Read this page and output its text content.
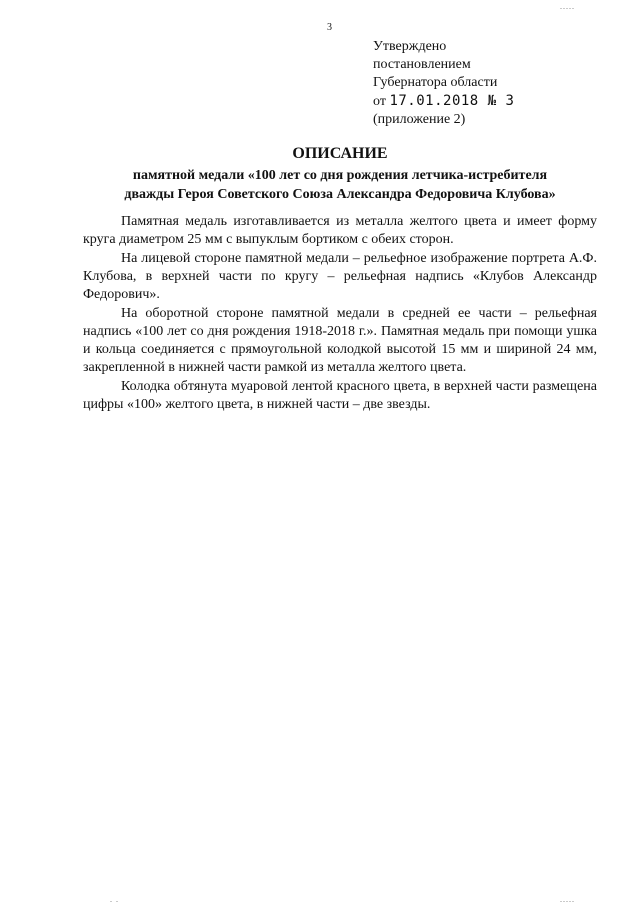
3
Утверждено
постановлением
Губернатора области
от 17.01.2018 № 3
(приложение 2)
ОПИСАНИЕ
памятной медали «100 лет со дня рождения летчика-истребителя
дважды Героя Советского Союза Александра Федоровича Клубова»

Памятная медаль изготавливается из металла желтого цвета и имеет форму круга диаметром 25 мм с выпуклым бортиком с обеих сторон.

На лицевой стороне памятной медали – рельефное изображение портрета А.Ф. Клубова, в верхней части по кругу – рельефная надпись «Клубов Александр Федорович».

На оборотной стороне памятной медали в средней ее части – рельефная надпись «100 лет со дня рождения 1918-2018 г.». Памятная медаль при помощи ушка и кольца соединяется с прямоугольной колодкой высотой 15 мм и шириной 24 мм, закрепленной в нижней части рамкой из металла желтого цвета.

Колодка обтянута муаровой лентой красного цвета, в верхней части размещена цифры «100» желтого цвета, в нижней части – две звезды.

.....
. .	.....
